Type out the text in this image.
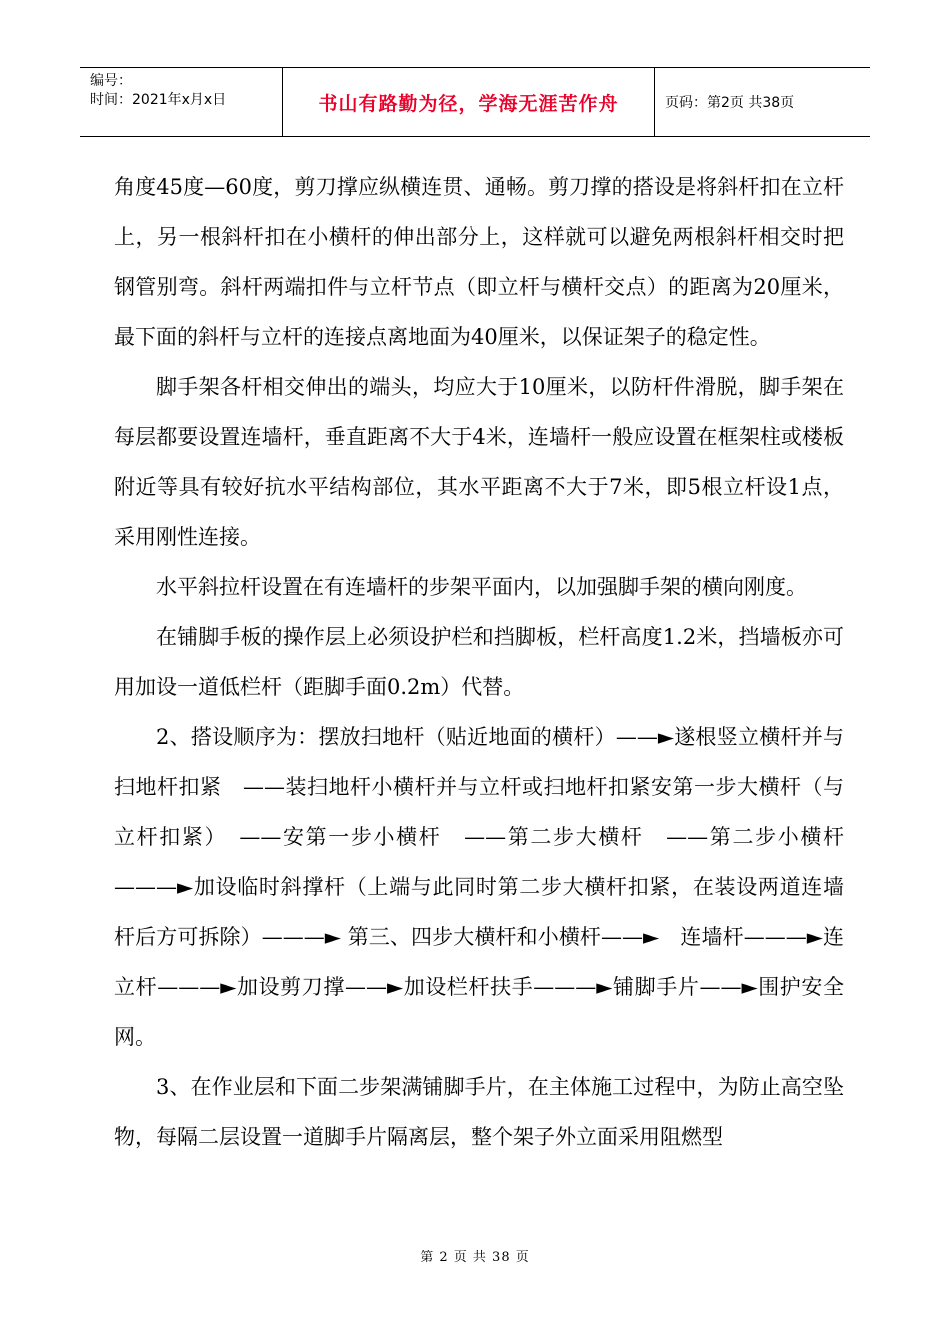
编号：
时间：2021年x月x日	书山有路勤为径，学海无涯苦作舟	页码：第2页 共38页

角度45度—60度，剪刀撑应纵横连贯、通畅。剪刀撑的搭设是将斜杆扣在立杆上，另一根斜杆扣在小横杆的伸出部分上，这样就可以避免两根斜杆相交时把钢管别弯。斜杆两端扣件与立杆节点（即立杆与横杆交点）的距离为20厘米，最下面的斜杆与立杆的连接点离地面为40厘米，以保证架子的稳定性。

脚手架各杆相交伸出的端头，均应大于10厘米，以防杆件滑脱，脚手架在每层都要设置连墙杆，垂直距离不大于4米，连墙杆一般应设置在框架柱或楼板附近等具有较好抗水平结构部位，其水平距离不大于7米，即5根立杆设1点，采用刚性连接。

水平斜拉杆设置在有连墙杆的步架平面内，以加强脚手架的横向刚度。

在铺脚手板的操作层上必须设护栏和挡脚板，栏杆高度1.2米，挡墙板亦可用加设一道低栏杆（距脚手面0.2m）代替。

2、搭设顺序为：摆放扫地杆（贴近地面的横杆）——►遂根竖立横杆并与扫地杆扣紧　——装扫地杆小横杆并与立杆或扫地杆扣紧安第一步大横杆（与立杆扣紧）　——安第一步小横杆　——第二步大横杆　——第二步小横杆　———►加设临时斜撑杆（上端与此同时第二步大横杆扣紧，在装设两道连墙杆后方可拆除）———► 第三、四步大横杆和小横杆——►　连墙杆———►连立杆———►加设剪刀撑——►加设栏杆扶手———►铺脚手片——►围护安全网。

3、在作业层和下面二步架满铺脚手片，在主体施工过程中，为防止高空坠物，每隔二层设置一道脚手片隔离层，整个架子外立面采用阻燃型

第 2 页 共 38 页
